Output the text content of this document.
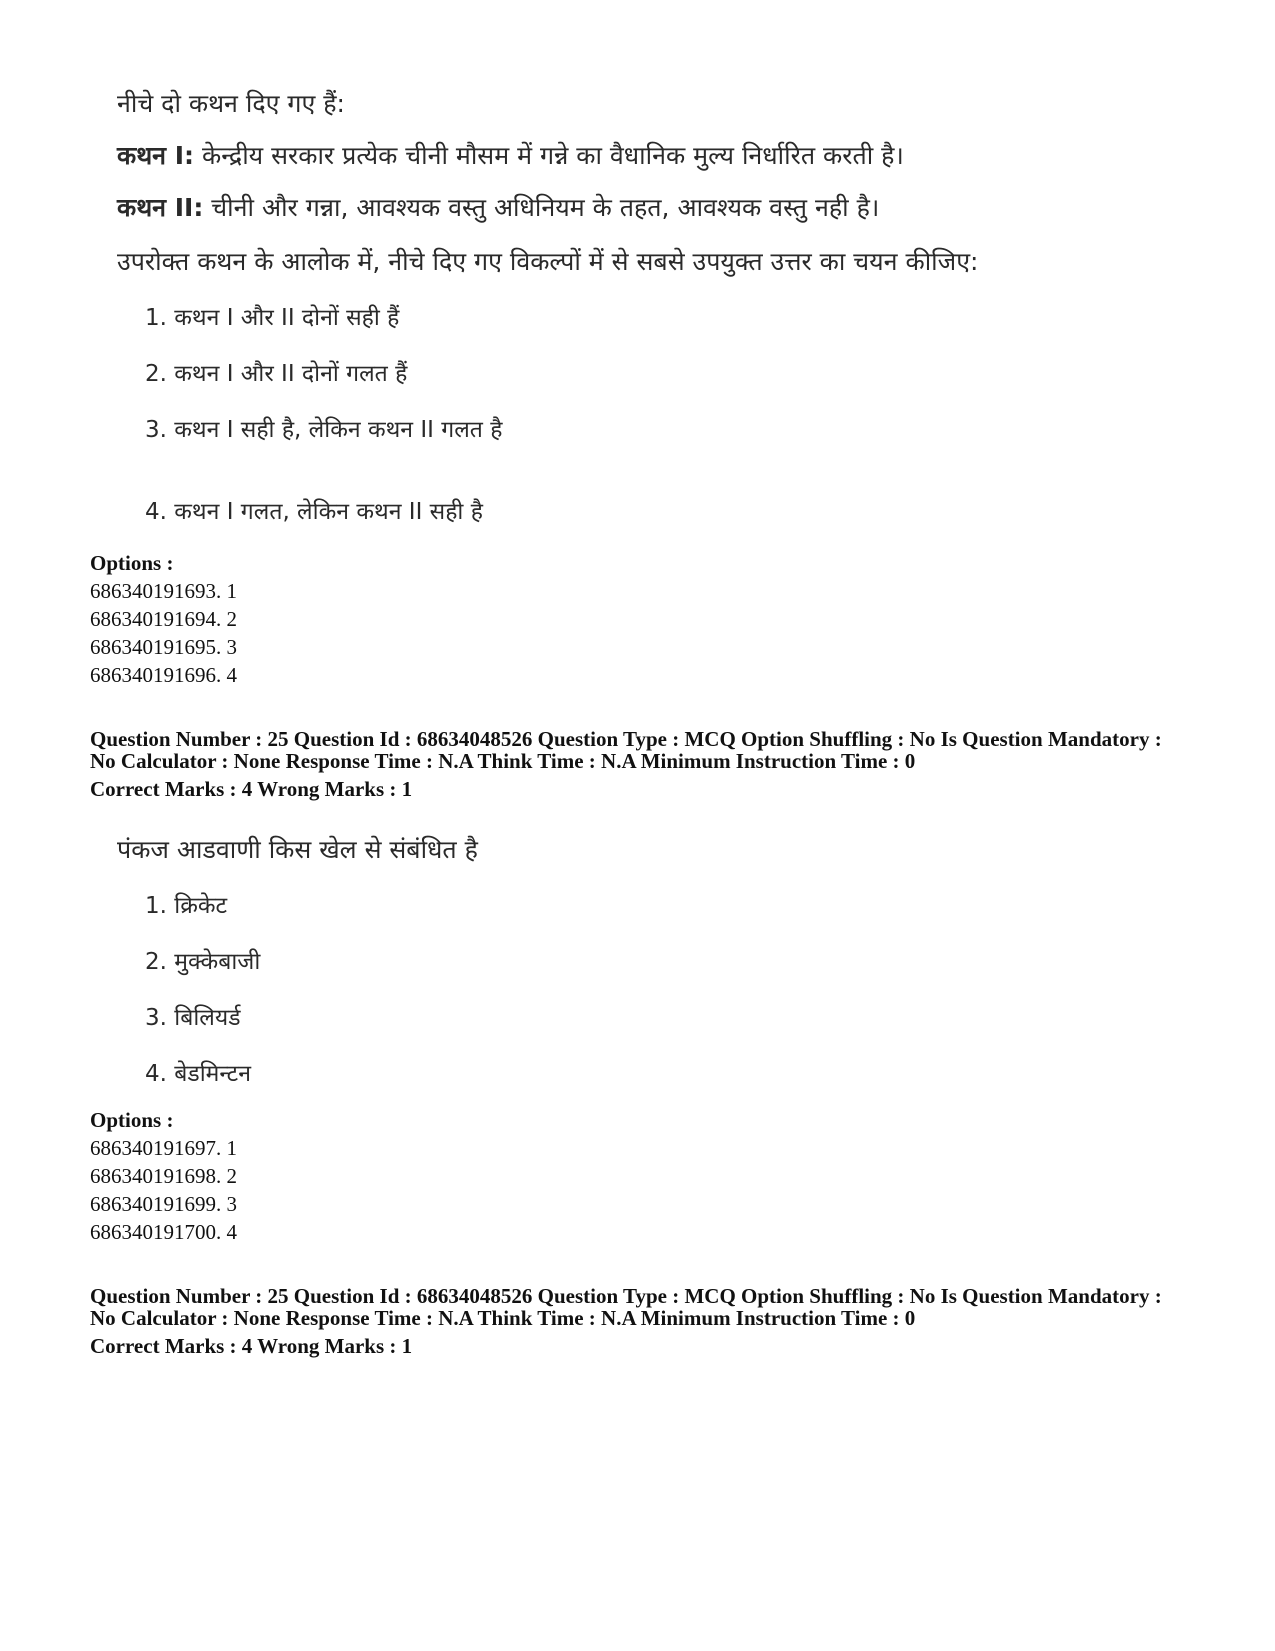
नीचे दो कथन दिए गए हैं:
कथन I: केन्द्रीय सरकार प्रत्येक चीनी मौसम में गन्ने का वैधानिक मुल्य निर्धारित करती है।
कथन II: चीनी और गन्ना, आवश्यक वस्तु अधिनियम के तहत, आवश्यक वस्तु नही है।
उपरोक्त कथन के आलोक में, नीचे दिए गए विकल्पों में से सबसे उपयुक्त उत्तर का चयन कीजिए:
1. कथन I और II दोनों सही हैं
2. कथन I और II दोनों गलत हैं
3. कथन I सही है, लेकिन कथन II गलत है
4. कथन I गलत, लेकिन कथन II सही है
Options :
686340191693. 1
686340191694. 2
686340191695. 3
686340191696. 4
Question Number : 25 Question Id : 68634048526 Question Type : MCQ Option Shuffling : No Is Question Mandatory :
No Calculator : None Response Time : N.A Think Time : N.A Minimum Instruction Time : 0
Correct Marks : 4 Wrong Marks : 1
पंकज आडवाणी किस खेल से संबंधित है
1. क्रिकेट
2. मुक्केबाजी
3. बिलियर्ड
4. बेडमिन्टन
Options :
686340191697. 1
686340191698. 2
686340191699. 3
686340191700. 4
Question Number : 25 Question Id : 68634048526 Question Type : MCQ Option Shuffling : No Is Question Mandatory :
No Calculator : None Response Time : N.A Think Time : N.A Minimum Instruction Time : 0
Correct Marks : 4 Wrong Marks : 1
